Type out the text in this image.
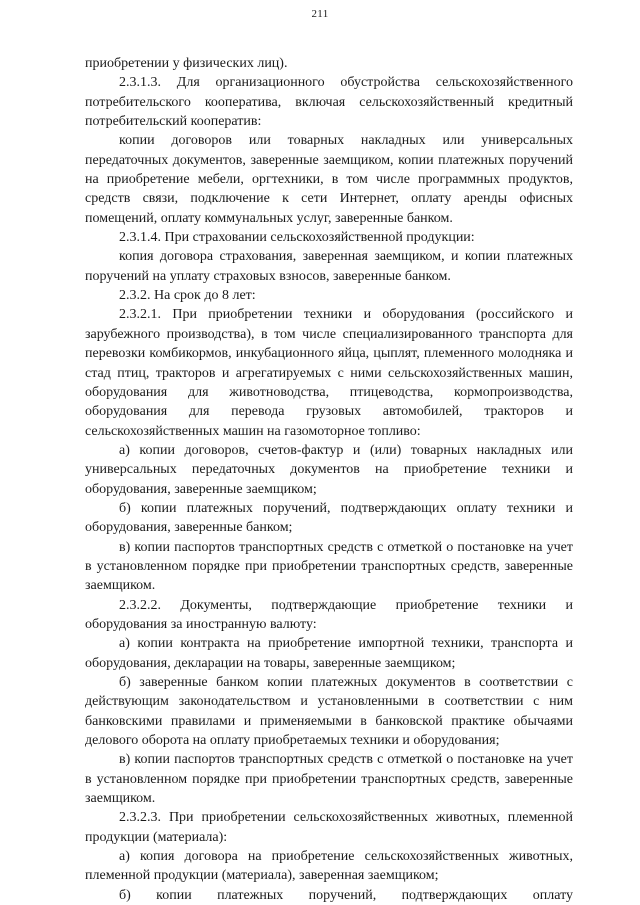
211

приобретении у физических лиц).

2.3.1.3. Для организационного обустройства сельскохозяйственного потребительского кооператива, включая сельскохозяйственный кредитный потребительский кооператив:

копии договоров или товарных накладных или универсальных передаточных документов, заверенные заемщиком, копии платежных поручений на приобретение мебели, оргтехники, в том числе программных продуктов, средств связи, подключение к сети Интернет, оплату аренды офисных помещений, оплату коммунальных услуг, заверенные банком.

2.3.1.4. При страховании сельскохозяйственной продукции:

копия договора страхования, заверенная заемщиком, и копии платежных поручений на уплату страховых взносов, заверенные банком.

2.3.2. На срок до 8 лет:

2.3.2.1. При приобретении техники и оборудования (российского и зарубежного производства), в том числе специализированного транспорта для перевозки комбикормов, инкубационного яйца, цыплят, племенного молодняка и стад птиц, тракторов и агрегатируемых с ними сельскохозяйственных машин, оборудования для животноводства, птицеводства, кормопроизводства, оборудования для перевода грузовых автомобилей, тракторов и сельскохозяйственных машин на газомоторное топливо:

а) копии договоров, счетов-фактур и (или) товарных накладных или универсальных передаточных документов на приобретение техники и оборудования, заверенные заемщиком;

б) копии платежных поручений, подтверждающих оплату техники и оборудования, заверенные банком;

в) копии паспортов транспортных средств с отметкой о постановке на учет в установленном порядке при приобретении транспортных средств, заверенные заемщиком.

2.3.2.2. Документы, подтверждающие приобретение техники и оборудования за иностранную валюту:

а) копии контракта на приобретение импортной техники, транспорта и оборудования, декларации на товары, заверенные заемщиком;

б) заверенные банком копии платежных документов в соответствии с действующим законодательством и установленными в соответствии с ним банковскими правилами и применяемыми в банковской практике обычаями делового оборота на оплату приобретаемых техники и оборудования;

в) копии паспортов транспортных средств с отметкой о постановке на учет в установленном порядке при приобретении транспортных средств, заверенные заемщиком.

2.3.2.3. При приобретении сельскохозяйственных животных, племенной продукции (материала):

а) копия договора на приобретение сельскохозяйственных животных, племенной продукции (материала), заверенная заемщиком;

б) копии платежных поручений, подтверждающих оплату
